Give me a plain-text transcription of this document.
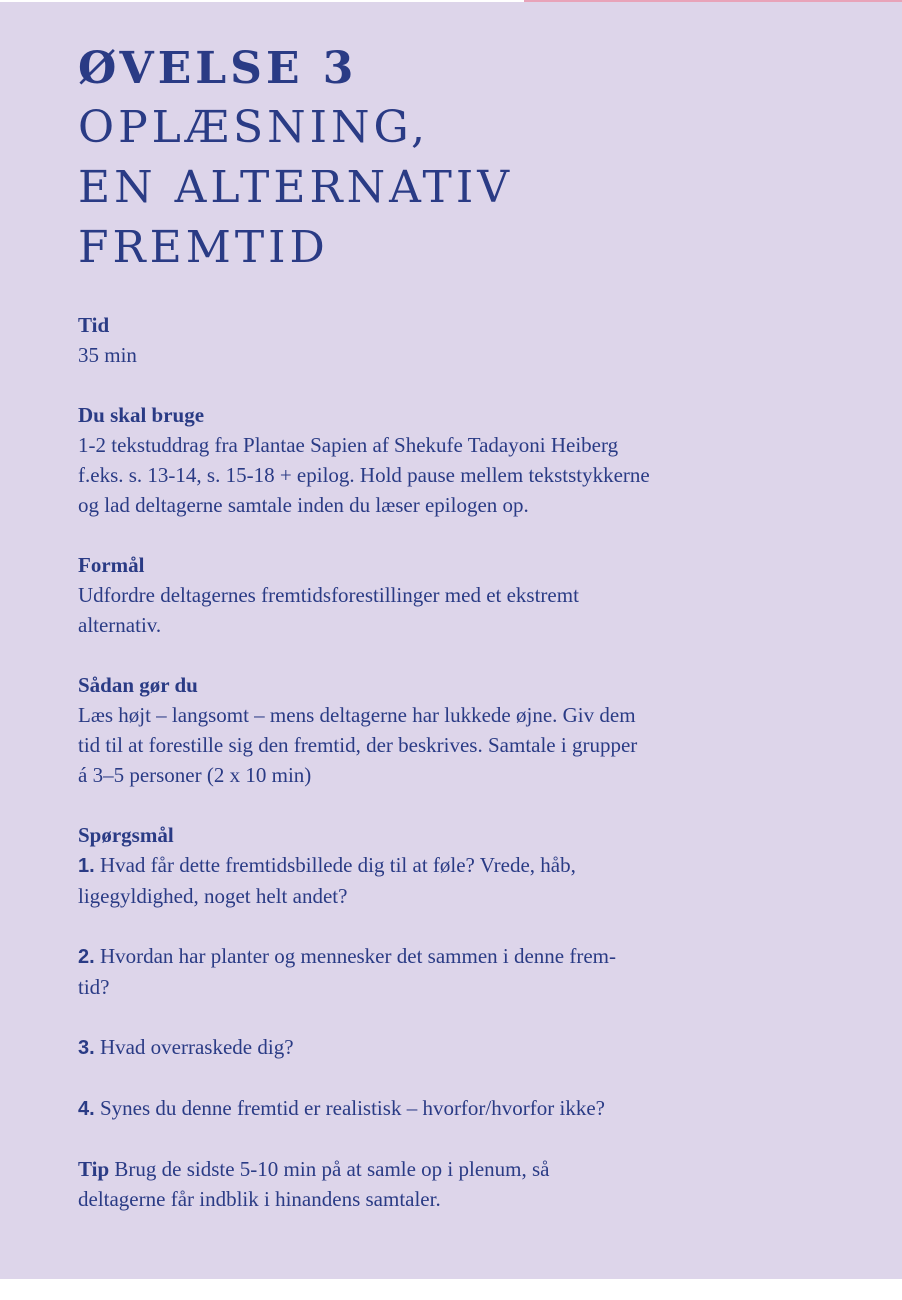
ØVELSE 3
OPLÆSNING,
EN ALTERNATIV
FREMTID
Tid
35 min
Du skal bruge
1-2 tekstuddrag fra Plantae Sapien af Shekufe Tadayoni Heiberg
f.eks. s. 13-14, s. 15-18 + epilog. Hold pause mellem tekststykkerne
og lad deltagerne samtale inden du læser epilogen op.
Formål
Udfordre deltagernes fremtidsforestillinger med et ekstremt
alternativ.
Sådan gør du
Læs højt – langsomt – mens deltagerne har lukkede øjne. Giv dem
tid til at forestille sig den fremtid, der beskrives. Samtale i grupper
á 3–5 personer (2 x 10 min)
Spørgsmål
1. Hvad får dette fremtidsbillede dig til at føle? Vrede, håb,
ligegyldighed, noget helt andet?
2. Hvordan har planter og mennesker det sammen i denne frem-
tid?
3. Hvad overraskede dig?
4. Synes du denne fremtid er realistisk – hvorfor/hvorfor ikke?
Tip Brug de sidste 5-10 min på at samle op i plenum, så
deltagerne får indblik i hinandens samtaler.
